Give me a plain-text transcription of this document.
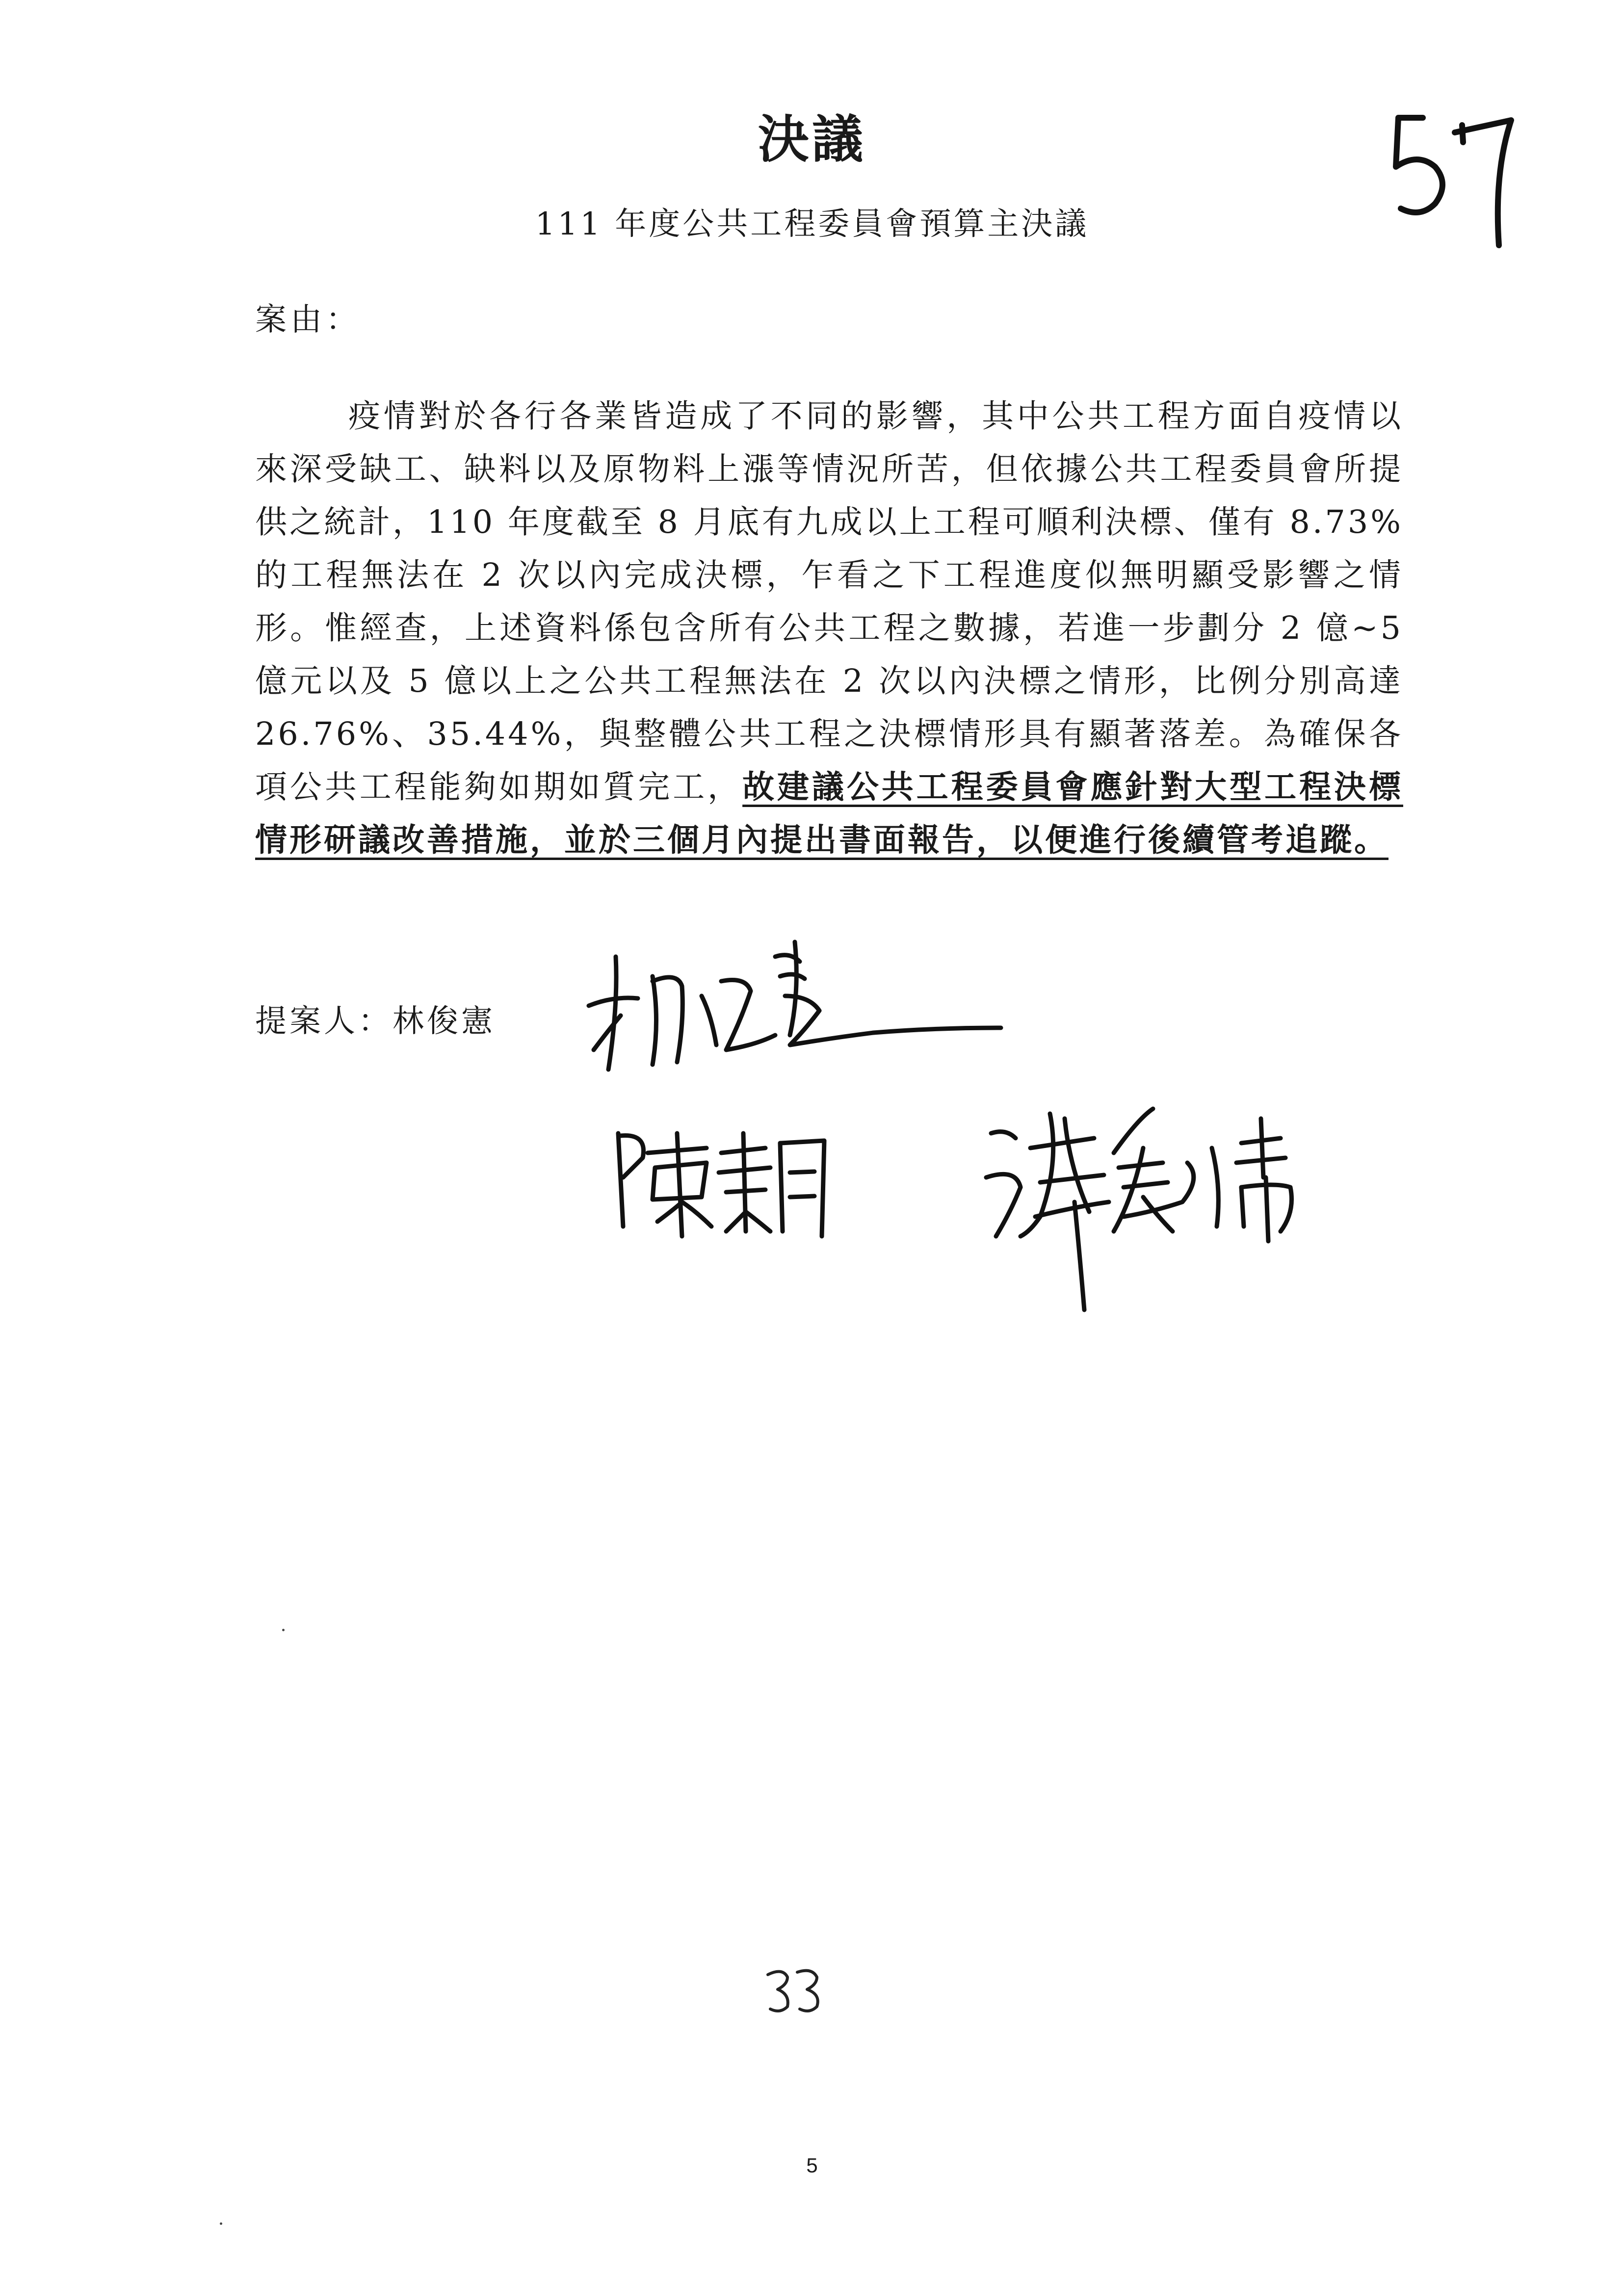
決議
111 年度公共工程委員會預算主決議
案由：
疫情對於各行各業皆造成了不同的影響，其中公共工程方面自疫情以來深受缺工、缺料以及原物料上漲等情況所苦，但依據公共工程委員會所提供之統計，110 年度截至 8 月底有九成以上工程可順利決標、僅有 8.73%的工程無法在 2 次以內完成決標，乍看之下工程進度似無明顯受影響之情形。惟經查，上述資料係包含所有公共工程之數據，若進一步劃分 2 億~5 億元以及 5 億以上之公共工程無法在 2 次以內決標之情形，比例分別高達 26.76%、35.44%，與整體公共工程之決標情形具有顯著落差。為確保各項公共工程能夠如期如質完工，故建議公共工程委員會應針對大型工程決標情形研議改善措施，並於三個月內提出書面報告，以便進行後續管考追蹤。
提案人：林俊憲
5
